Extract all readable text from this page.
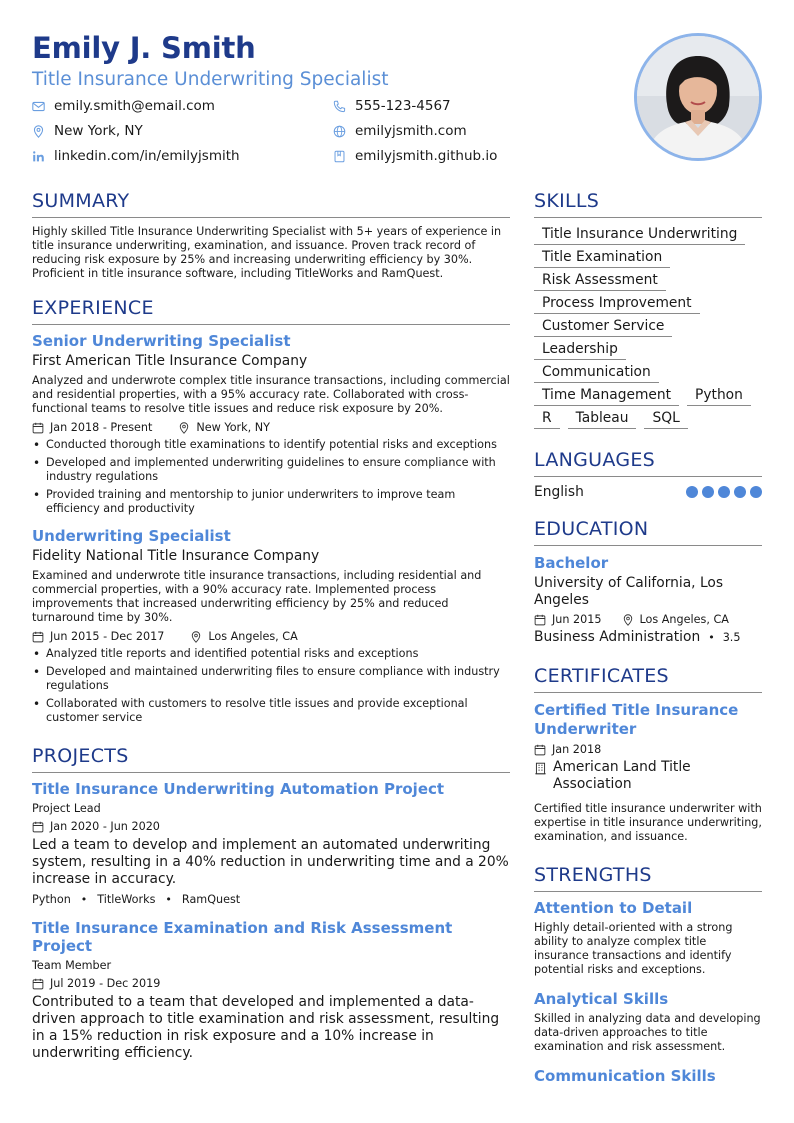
Emily J. Smith
Title Insurance Underwriting Specialist
emily.smith@email.com	555-123-4567
New York, NY	emilyjsmith.com
linkedin.com/in/emilyjsmith	emilyjsmith.github.io
SUMMARY
Highly skilled Title Insurance Underwriting Specialist with 5+ years of experience in title insurance underwriting, examination, and issuance. Proven track record of reducing risk exposure by 25% and increasing underwriting efficiency by 30%. Proficient in title insurance software, including TitleWorks and RamQuest.
EXPERIENCE
Senior Underwriting Specialist
First American Title Insurance Company
Analyzed and underwrote complex title insurance transactions, including commercial and residential properties, with a 95% accuracy rate. Collaborated with cross-functional teams to resolve title issues and reduce risk exposure by 20%.
Jan 2018 - Present	New York, NY
• Conducted thorough title examinations to identify potential risks and exceptions
• Developed and implemented underwriting guidelines to ensure compliance with industry regulations
• Provided training and mentorship to junior underwriters to improve team efficiency and productivity
Underwriting Specialist
Fidelity National Title Insurance Company
Examined and underwrote title insurance transactions, including residential and commercial properties, with a 90% accuracy rate. Implemented process improvements that increased underwriting efficiency by 25% and reduced turnaround time by 30%.
Jun 2015 - Dec 2017	Los Angeles, CA
• Analyzed title reports and identified potential risks and exceptions
• Developed and maintained underwriting files to ensure compliance with industry regulations
• Collaborated with customers to resolve title issues and provide exceptional customer service
PROJECTS
Title Insurance Underwriting Automation Project
Project Lead
Jan 2020 - Jun 2020
Led a team to develop and implement an automated underwriting system, resulting in a 40% reduction in underwriting time and a 20% increase in accuracy.
Python • TitleWorks • RamQuest
Title Insurance Examination and Risk Assessment Project
Team Member
Jul 2019 - Dec 2019
Contributed to a team that developed and implemented a data-driven approach to title examination and risk assessment, resulting in a 15% reduction in risk exposure and a 10% increase in underwriting efficiency.
SKILLS
Title Insurance Underwriting
Title Examination
Risk Assessment
Process Improvement
Customer Service
Leadership
Communication
Time Management	Python
R	Tableau	SQL
LANGUAGES
English
EDUCATION
Bachelor
University of California, Los Angeles
Jun 2015	Los Angeles, CA
Business Administration • 3.5
CERTIFICATES
Certified Title Insurance Underwriter
Jan 2018
American Land Title Association
Certified title insurance underwriter with expertise in title insurance underwriting, examination, and issuance.
STRENGTHS
Attention to Detail
Highly detail-oriented with a strong ability to analyze complex title insurance transactions and identify potential risks and exceptions.
Analytical Skills
Skilled in analyzing data and developing data-driven approaches to title examination and risk assessment.
Communication Skills
